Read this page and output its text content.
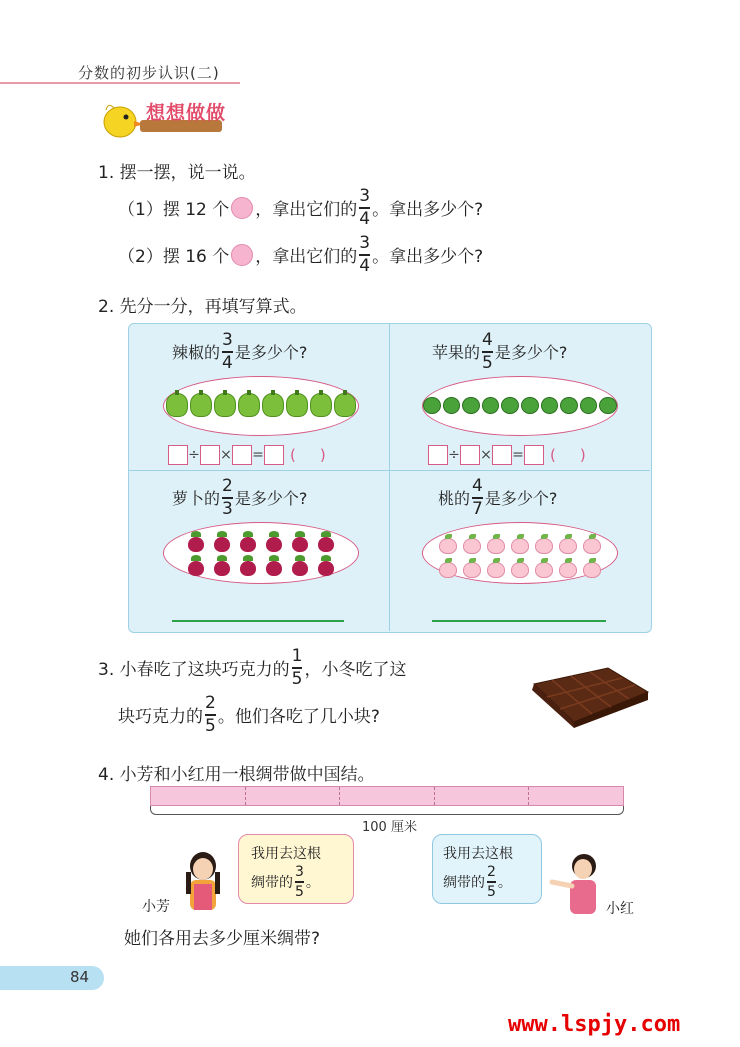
分数的初步认识(二)
想想做做
1. 摆一摆，说一说。
（1）摆 12 个 ，拿出它们的 $\frac{3}{4}$ 。拿出多少个?
（2）摆 16 个 ，拿出它们的 $\frac{3}{4}$ 。拿出多少个?
2. 先分一分，再填写算式。
辣椒的 $\frac{3}{4}$ 是多少个?
÷ × = ( )
苹果的 $\frac{4}{5}$ 是多少个?
÷ × = ( )
萝卜的 $\frac{2}{3}$ 是多少个?	桃的 $\frac{4}{7}$ 是多少个?
3. 小春吃了这块巧克力的 $\frac{1}{5}$ ，小冬吃了这
块巧克力的 $\frac{2}{5}$ 。他们各吃了几小块?
4. 小芳和小红用一根绸带做中国结。
100 厘米
我用去这根
绸带的 $\frac{3}{5}$ 。
我用去这根
绸带的 $\frac{2}{5}$ 。
小芳	小红
她们各用去多少厘米绸带?
84
www.lspjy.com
